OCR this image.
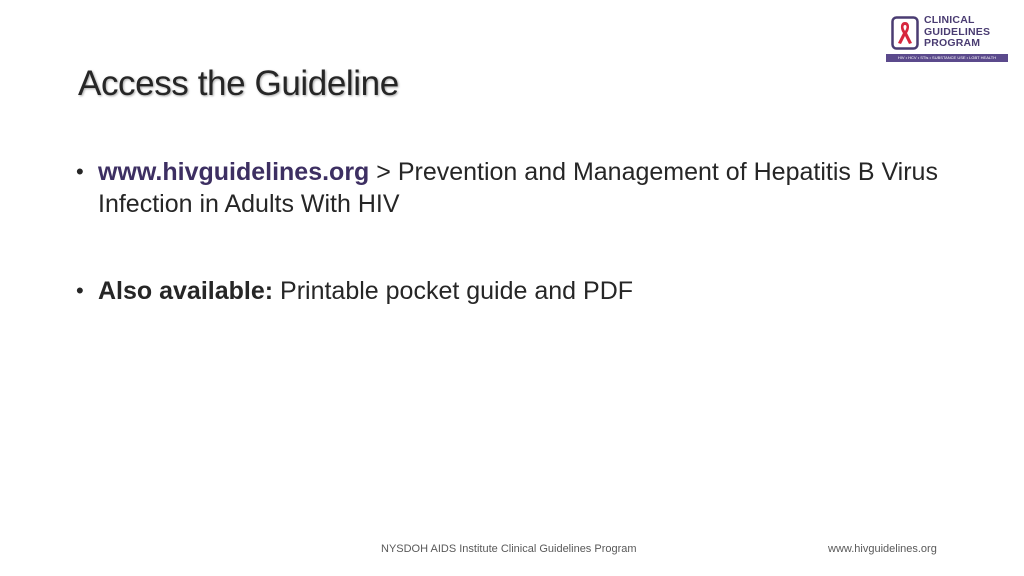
Access the Guideline
• www.hivguidelines.org > Prevention and Management of Hepatitis B Virus Infection in Adults With HIV
• Also available: Printable pocket guide and PDF
CLINICAL
GUIDELINES
PROGRAM
HIV • HCV • STIs • SUBSTANCE USE • LGBT HEALTH
NYSDOH AIDS Institute Clinical Guidelines Program	www.hivguidelines.org
